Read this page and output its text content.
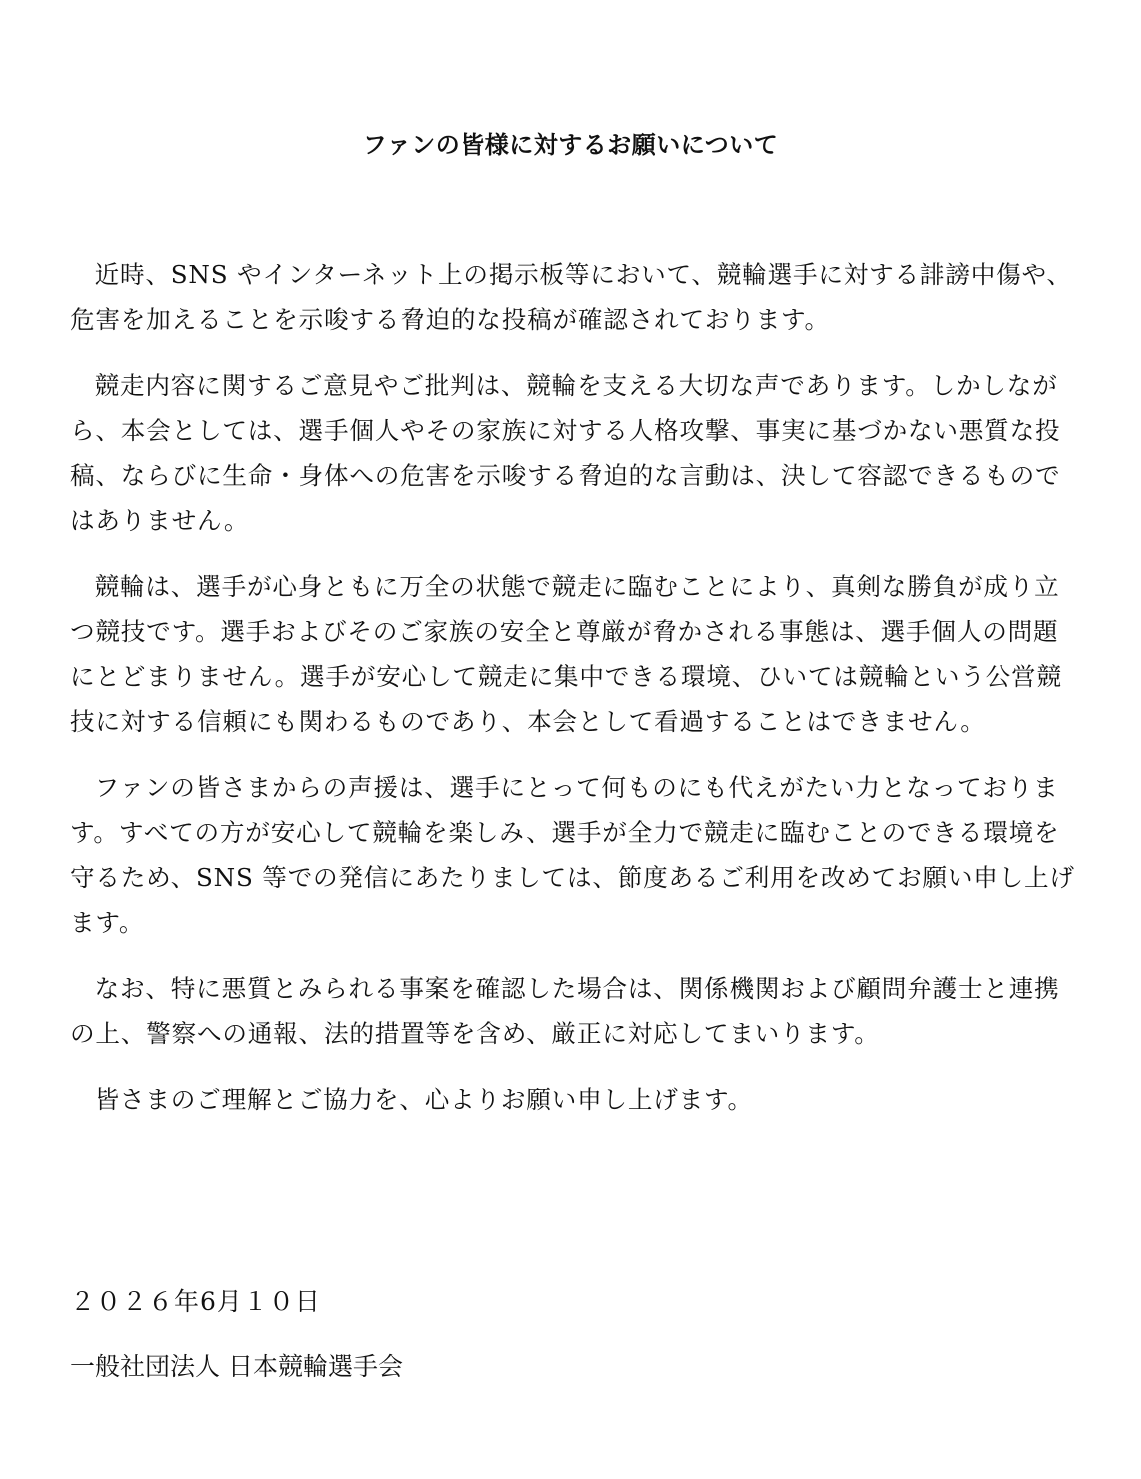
ファンの皆様に対するお願いについて

近時、SNS やインターネット上の掲示板等において、競輪選手に対する誹謗中傷や、危害を加えることを示唆する脅迫的な投稿が確認されております。

競走内容に関するご意見やご批判は、競輪を支える大切な声であります。しかしながら、本会としては、選手個人やその家族に対する人格攻撃、事実に基づかない悪質な投稿、ならびに生命・身体への危害を示唆する脅迫的な言動は、決して容認できるものではありません。

競輪は、選手が心身ともに万全の状態で競走に臨むことにより、真剣な勝負が成り立つ競技です。選手およびそのご家族の安全と尊厳が脅かされる事態は、選手個人の問題にとどまりません。選手が安心して競走に集中できる環境、ひいては競輪という公営競技に対する信頼にも関わるものであり、本会として看過することはできません。

ファンの皆さまからの声援は、選手にとって何ものにも代えがたい力となっております。すべての方が安心して競輪を楽しみ、選手が全力で競走に臨むことのできる環境を守るため、SNS 等での発信にあたりましては、節度あるご利用を改めてお願い申し上げます。

なお、特に悪質とみられる事案を確認した場合は、関係機関および顧問弁護士と連携の上、警察への通報、法的措置等を含め、厳正に対応してまいります。

皆さまのご理解とご協力を、心よりお願い申し上げます。

２０２６年6月１０日
一般社団法人 日本競輪選手会
